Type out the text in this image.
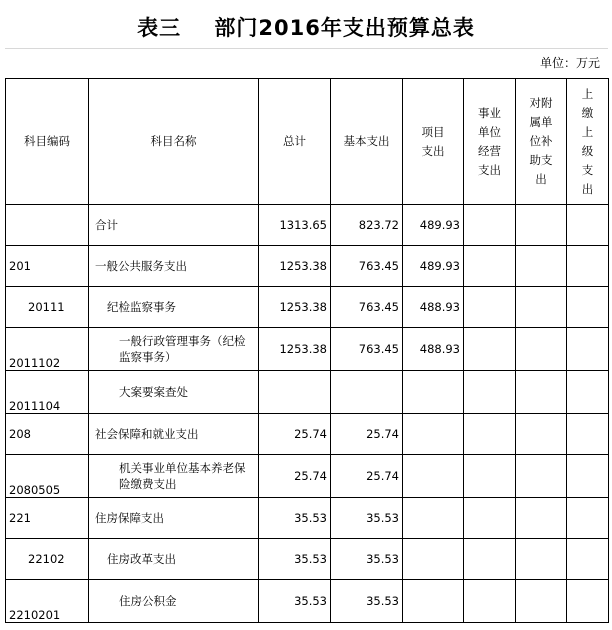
表三    部门2016年支出预算总表
单位：万元
科目编码	科目名称	总计	基本支出	项目支出	事业单位经营支出	对附属单位补助支出	上缴上级支出

	合计	1313.65	823.72	489.93			
201	一般公共服务支出	1253.38	763.45	489.93			
20111	纪检监察事务	1253.38	763.45	488.93			
2011102	一般行政管理事务（纪检监察事务）	1253.38	763.45	488.93			
2011104	大案要案查处						
208	社会保障和就业支出	25.74	25.74				
2080505	机关事业单位基本养老保险缴费支出	25.74	25.74				
221	住房保障支出	35.53	35.53				
22102	住房改革支出	35.53	35.53				
2210201	住房公积金	35.53	35.53				
